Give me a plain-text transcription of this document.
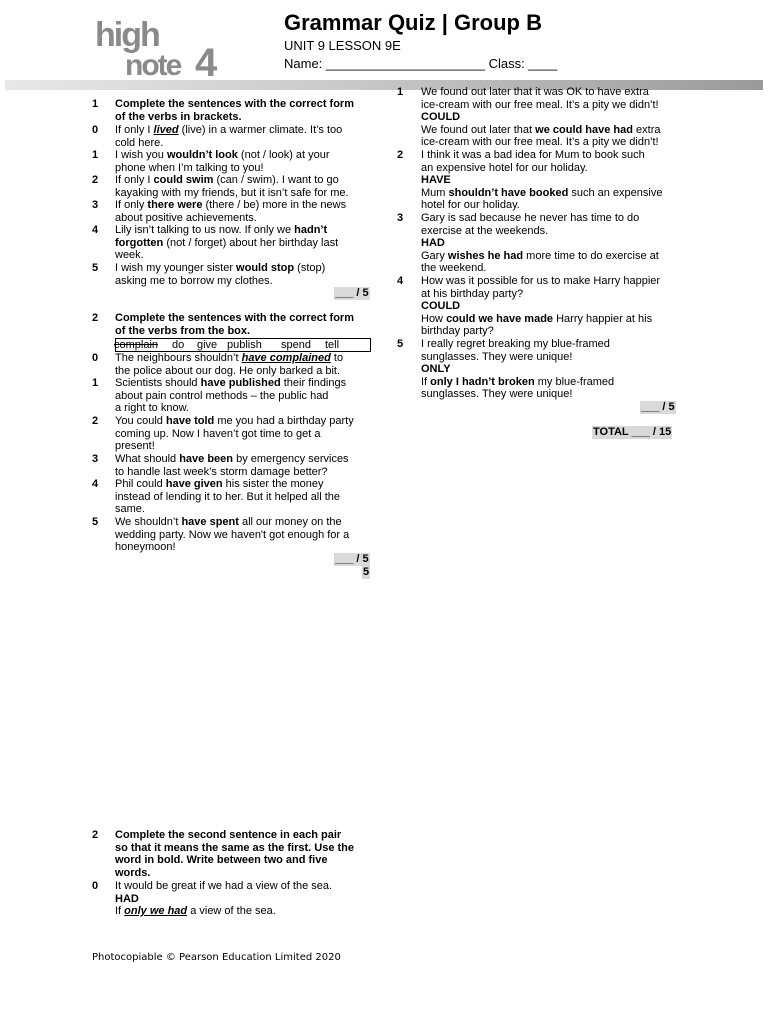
high
note 4
Grammar Quiz | Group B
UNIT 9 LESSON 9E
Name: ______________________ Class: ____
1	Complete the sentences with the correct form
of the verbs in brackets.
0	If only I lived (live) in a warmer climate. It’s too
cold here.
1	I wish you wouldn’t look (not / look) at your
phone when I’m talking to you!
2	If only I could swim (can / swim). I want to go
kayaking with my friends, but it isn’t safe for me.
3	If only there were (there / be) more in the news
about positive achievements.
4	Lily isn’t talking to us now. If only we hadn’t
forgotten (not / forget) about her birthday last
week.
5	I wish my younger sister would stop (stop)
asking me to borrow my clothes.
___ / 5
2	Complete the sentences with the correct form
of the verbs from the box.
complain do give publish spend tell
0	The neighbours shouldn’t have complained to
the police about our dog. He only barked a bit.
1	Scientists should have published their findings
about pain control methods – the public had
a right to know.
2	You could have told me you had a birthday party
coming up. Now I haven’t got time to get a
present!
3	What should have been by emergency services
to handle last week’s storm damage better?
4	Phil could have given his sister the money
instead of lending it to her. But it helped all the
same.
5	We shouldn’t have spent all our money on the
wedding party. Now we haven't got enough for a
honeymoon!
___ / 5
5
2	Complete the second sentence in each pair
so that it means the same as the first. Use the
word in bold. Write between two and five
words.
0	It would be great if we had a view of the sea.
HAD
If only we had a view of the sea.
1	We found out later that it was OK to have extra
ice-cream with our free meal. It’s a pity we didn’t!
COULD
We found out later that we could have had extra
ice-cream with our free meal. It’s a pity we didn’t!
2	I think it was a bad idea for Mum to book such
an expensive hotel for our holiday.
HAVE
Mum shouldn’t have booked such an expensive
hotel for our holiday.
3	Gary is sad because he never has time to do
exercise at the weekends.
HAD
Gary wishes he had more time to do exercise at
the weekend.
4	How was it possible for us to make Harry happier
at his birthday party?
COULD
How could we have made Harry happier at his
birthday party?
5	I really regret breaking my blue-framed
sunglasses. They were unique!
ONLY
If only I hadn’t broken my blue-framed
sunglasses. They were unique!
___ / 5
TOTAL ___ / 15
Photocopiable © Pearson Education Limited 2020
